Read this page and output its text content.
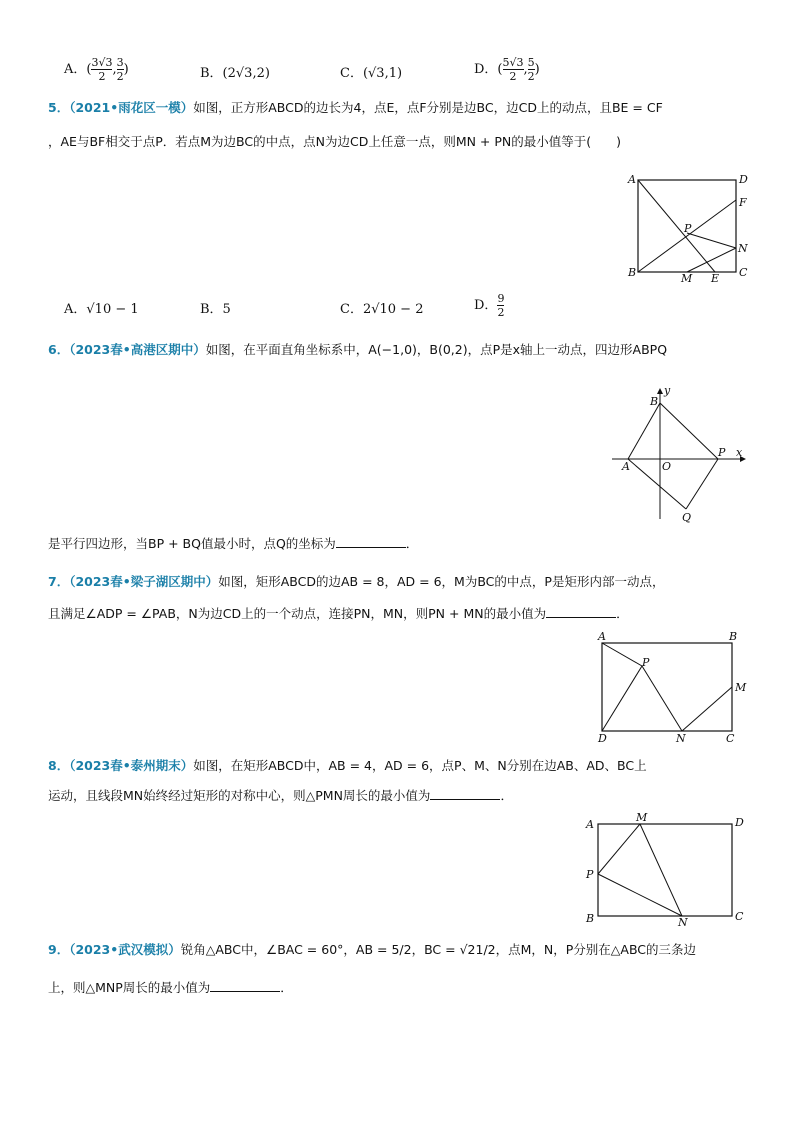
A．( $\frac{3√3}{2}$ , $\frac{3}{2}$ )	B．(2√3,2)	C．(√3,1)	D．( $\frac{5√3}{2}$ , $\frac{5}{2}$ )
5．（2021•雨花区一模）如图，正方形ABCD的边长为4，点E，点F分别是边BC，边CD上的动点，且BE = CF
，AE与BF相交于点P．若点M为边BC的中点，点N为边CD上任意一点，则MN + PN的最小值等于(　　)
A	D
F
P
N
B	M E C
A．√10 − 1	B．5	C．2√10 − 2	D． $\frac{9}{2}$
6．（2023春•高港区期中）如图，在平面直角坐标系中，A(−1,0)，B(0,2)，点P是x轴上一动点，四边形ABPQ
y
B
A	O
P x
Q
是平行四边形，当BP + BQ值最小时，点Q的坐标为	．
7．（2023春•梁子湖区期中）如图，矩形ABCD的边AB = 8，AD = 6，M为BC的中点，P是矩形内部一动点，
且满足∠ADP = ∠PAB，N为边CD上的一个动点，连接PN，MN，则PN + MN的最小值为	．
A	B
P
M
D	N	C
8．（2023春•泰州期末）如图，在矩形ABCD中，AB = 4，AD = 6，点P、M、N分别在边AB、AD、BC上
运动，且线段MN始终经过矩形的对称中心，则△PMN周长的最小值为	．
A
M	D
P
B	N	C
9．（2023•武汉模拟）锐角△ABC中，∠BAC = 60°，AB = 5/2，BC = √21/2，点M，N，P分别在△ABC的三条边
上，则△MNP周长的最小值为	．
